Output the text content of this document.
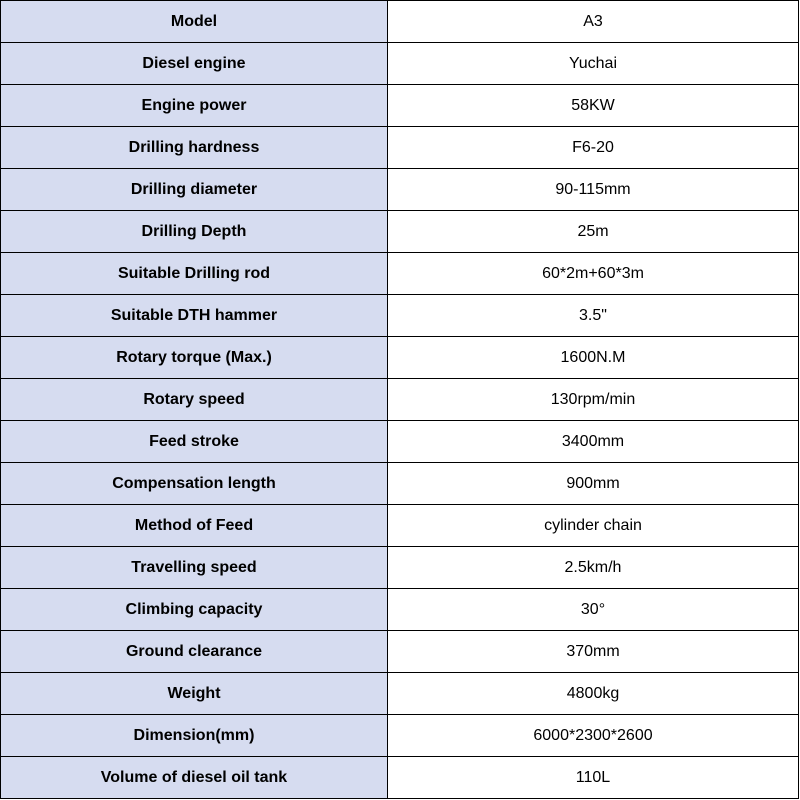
Model	A3
Diesel engine	Yuchai
Engine power	58KW
Drilling hardness	F6-20
Drilling diameter	90-115mm
Drilling Depth	25m
Suitable Drilling rod	60*2m+60*3m
Suitable DTH hammer	3.5"
Rotary torque (Max.)	1600N.M
Rotary speed	130rpm/min
Feed stroke	3400mm
Compensation length	900mm
Method of Feed	cylinder chain
Travelling speed	2.5km/h
Climbing capacity	30°
Ground clearance	370mm
Weight	4800kg
Dimension(mm)	6000*2300*2600
Volume of diesel oil tank	110L
